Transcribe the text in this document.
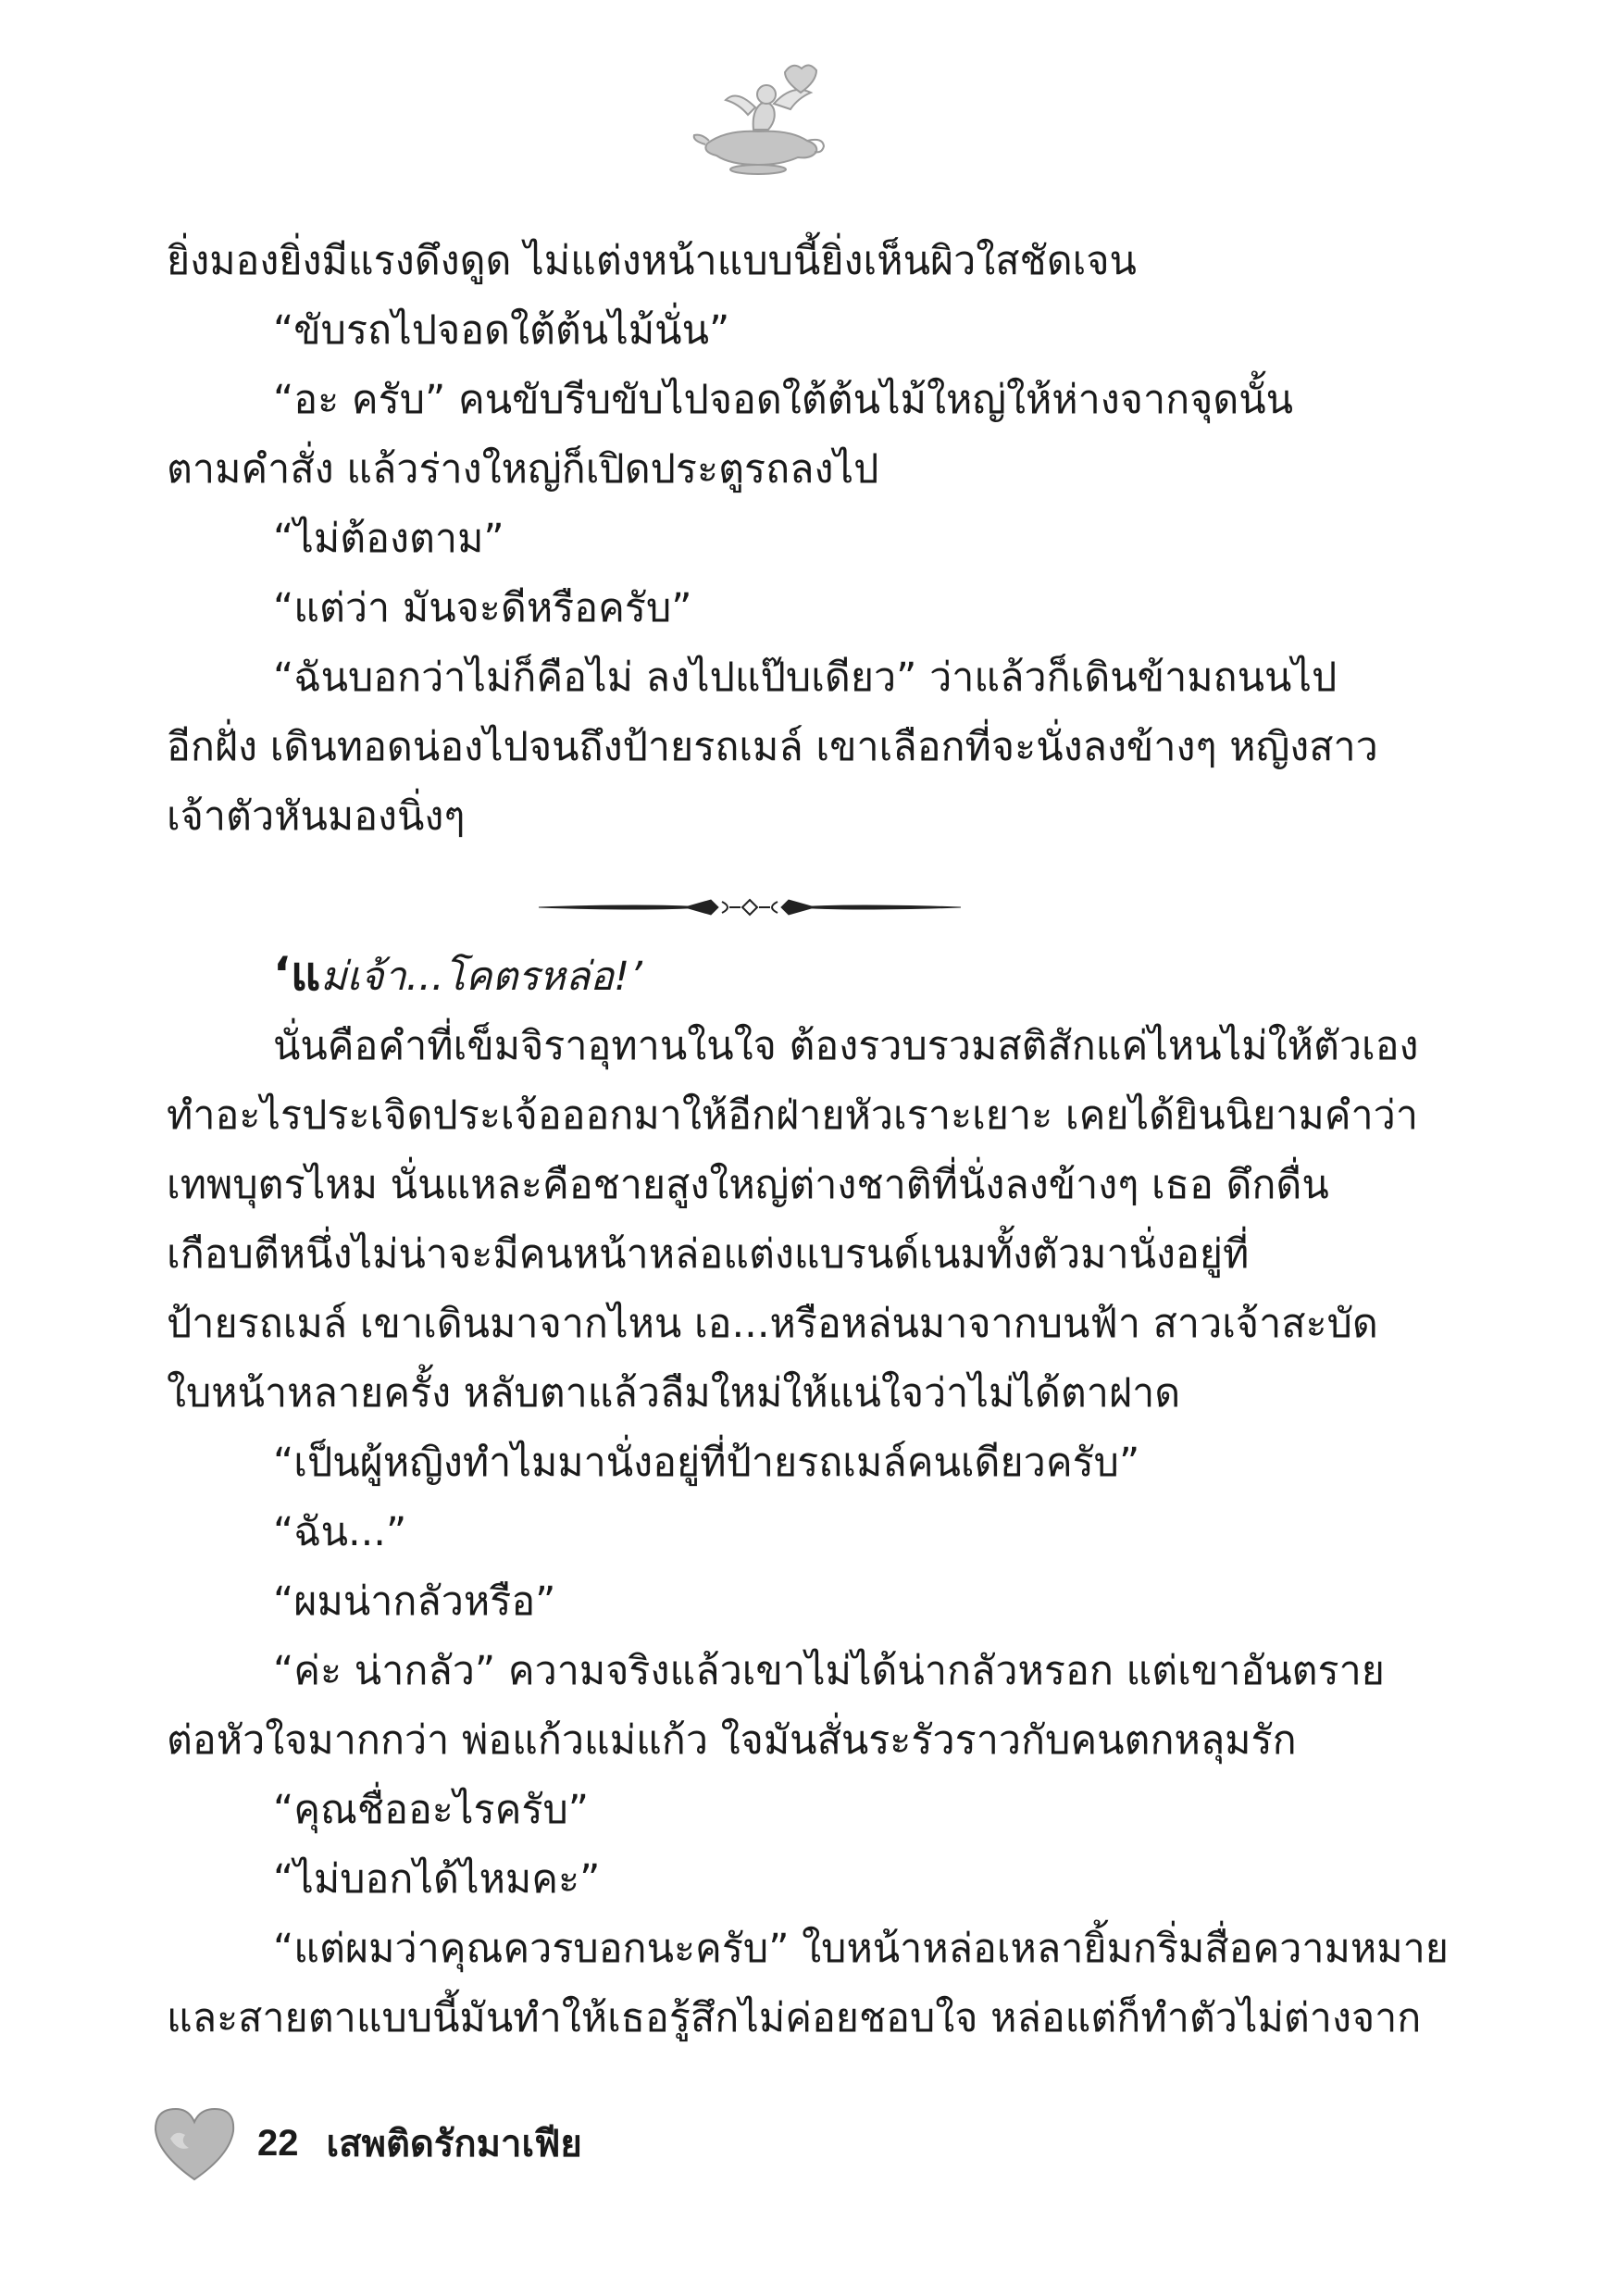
ยิ่งมองยิ่งมีแรงดึงดูด ไม่แต่งหน้าแบบนี้ยิ่งเห็นผิวใสชัดเจน

“ขับรถไปจอดใต้ต้นไม้นั่น”

“อะ ครับ” คนขับรีบขับไปจอดใต้ต้นไม้ใหญ่ให้ห่างจากจุดนั้น

ตามคำสั่ง แล้วร่างใหญ่ก็เปิดประตูรถลงไป

“ไม่ต้องตาม”

“แต่ว่า มันจะดีหรือครับ”

“ฉันบอกว่าไม่ก็คือไม่ ลงไปแป๊บเดียว” ว่าแล้วก็เดินข้ามถนนไป

อีกฝั่ง เดินทอดน่องไปจนถึงป้ายรถเมล์ เขาเลือกที่จะนั่งลงข้างๆ หญิงสาว

เจ้าตัวหันมองนิ่งๆ

‘แม่เจ้า...โคตรหล่อ!’

นั่นคือคำที่เข็มจิราอุทานในใจ ต้องรวบรวมสติสักแค่ไหนไม่ให้ตัวเอง

ทำอะไรประเจิดประเจ้อออกมาให้อีกฝ่ายหัวเราะเยาะ เคยได้ยินนิยามคำว่า

เทพบุตรไหม นั่นแหละคือชายสูงใหญ่ต่างชาติที่นั่งลงข้างๆ เธอ ดึกดื่น

เกือบตีหนึ่งไม่น่าจะมีคนหน้าหล่อแต่งแบรนด์เนมทั้งตัวมานั่งอยู่ที่

ป้ายรถเมล์ เขาเดินมาจากไหน เอ...หรือหล่นมาจากบนฟ้า สาวเจ้าสะบัด

ใบหน้าหลายครั้ง หลับตาแล้วลืมใหม่ให้แน่ใจว่าไม่ได้ตาฝาด

“เป็นผู้หญิงทำไมมานั่งอยู่ที่ป้ายรถเมล์คนเดียวครับ”

“ฉัน...”

“ผมน่ากลัวหรือ”

“ค่ะ น่ากลัว” ความจริงแล้วเขาไม่ได้น่ากลัวหรอก แต่เขาอันตราย

ต่อหัวใจมากกว่า พ่อแก้วแม่แก้ว ใจมันสั่นระรัวราวกับคนตกหลุมรัก

“คุณชื่ออะไรครับ”

“ไม่บอกได้ไหมคะ”

“แต่ผมว่าคุณควรบอกนะครับ” ใบหน้าหล่อเหลายิ้มกริ่มสื่อความหมาย

และสายตาแบบนี้มันทำให้เธอรู้สึกไม่ค่อยชอบใจ หล่อแต่ก็ทำตัวไม่ต่างจาก

22 เสพติดรักมาเฟีย
